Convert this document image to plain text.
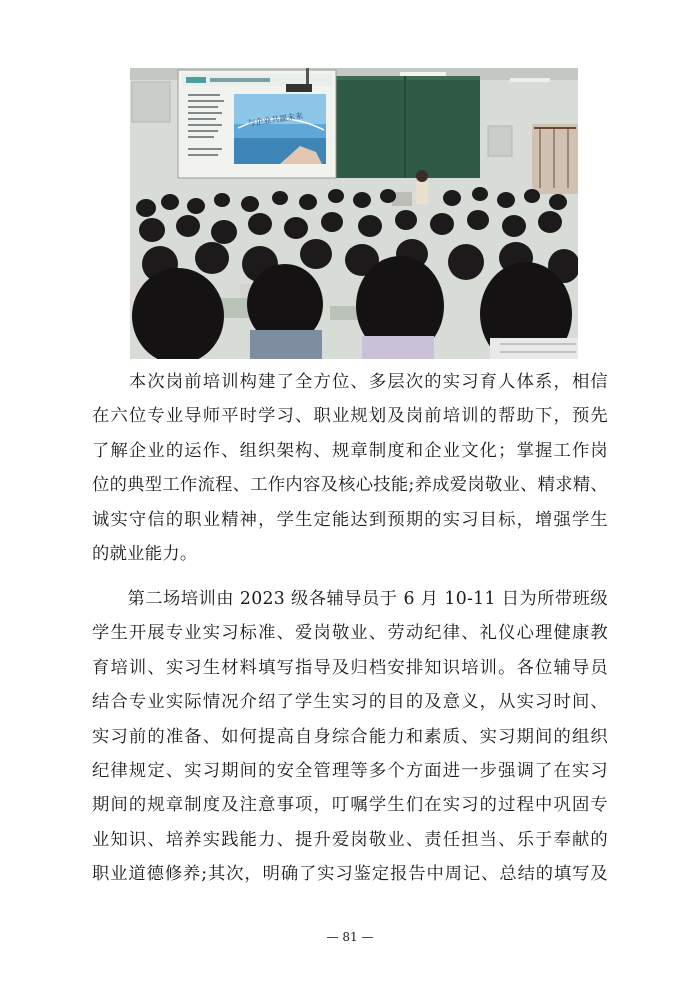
与企业共赢未来
　　本次岗前培训构建了全方位、多层次的实习育人体系，相信
在六位专业导师平时学习、职业规划及岗前培训的帮助下，预先
了解企业的运作、组织架构、规章制度和企业文化；掌握工作岗
位的典型工作流程、工作内容及核心技能;养成爱岗敬业、精求精、
诚实守信的职业精神，学生定能达到预期的实习目标，增强学生
的就业能力。
　　第二场培训由 2023 级各辅导员于 6 月 10-11 日为所带班级
学生开展专业实习标准、爱岗敬业、劳动纪律、礼仪心理健康教
育培训、实习生材料填写指导及归档安排知识培训。各位辅导员
结合专业实际情况介绍了学生实习的目的及意义，从实习时间、
实习前的准备、如何提高自身综合能力和素质、实习期间的组织
纪律规定、实习期间的安全管理等多个方面进一步强调了在实习
期间的规章制度及注意事项，叮嘱学生们在实习的过程中巩固专
业知识、培养实践能力、提升爱岗敬业、责任担当、乐于奉献的
职业道德修养;其次，明确了实习鉴定报告中周记、总结的填写及
— 81 —
